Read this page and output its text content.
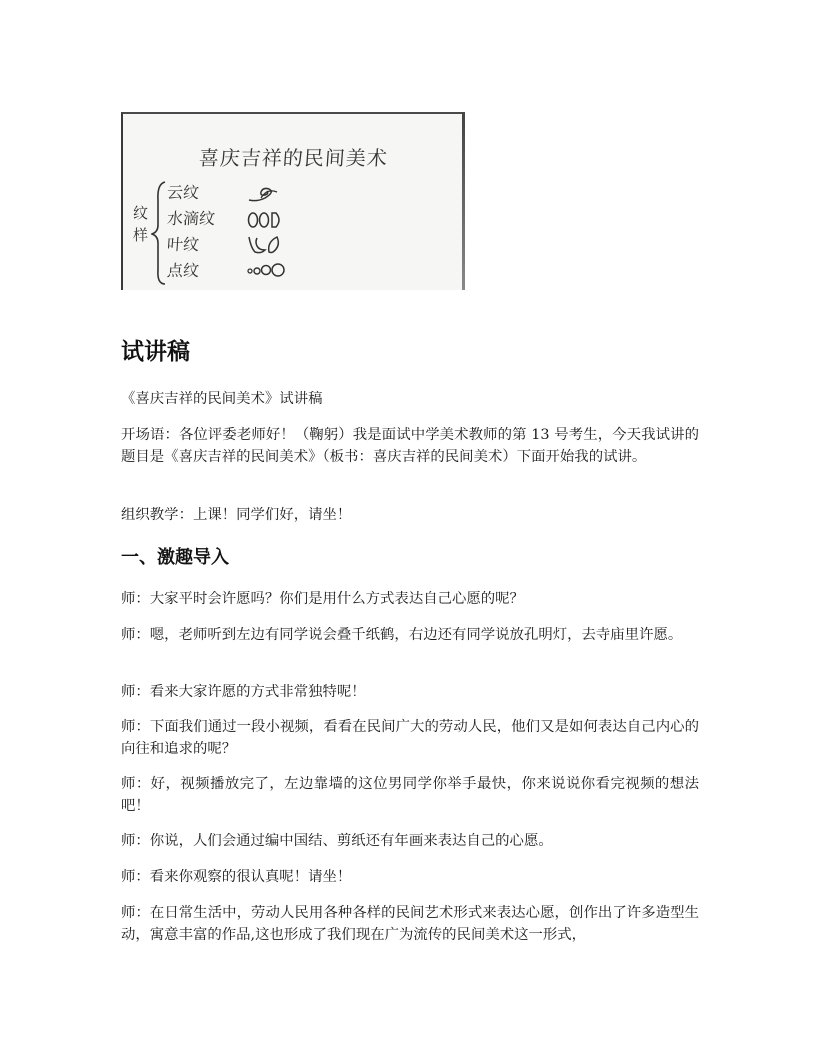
喜庆吉祥的民间美术
纹样
云纹
水滴纹
叶纹
点纹
试讲稿

《喜庆吉祥的民间美术》试讲稿

开场语：各位评委老师好！（鞠躬）我是面试中学美术教师的第 13 号考生，今天我试讲的题目是《喜庆吉祥的民间美术》（板书：喜庆吉祥的民间美术）下面开始我的试讲。

组织教学：上课！同学们好，请坐！

一、激趣导入

师：大家平时会许愿吗？你们是用什么方式表达自己心愿的呢？

师：嗯，老师听到左边有同学说会叠千纸鹤，右边还有同学说放孔明灯，去寺庙里许愿。

师：看来大家许愿的方式非常独特呢！

师：下面我们通过一段小视频，看看在民间广大的劳动人民，他们又是如何表达自己内心的向往和追求的呢？

师：好，视频播放完了，左边靠墙的这位男同学你举手最快，你来说说你看完视频的想法吧！

师：你说，人们会通过编中国结、剪纸还有年画来表达自己的心愿。

师：看来你观察的很认真呢！请坐！

师：在日常生活中，劳动人民用各种各样的民间艺术形式来表达心愿，创作出了许多造型生动，寓意丰富的作品,这也形成了我们现在广为流传的民间美术这一形式，
